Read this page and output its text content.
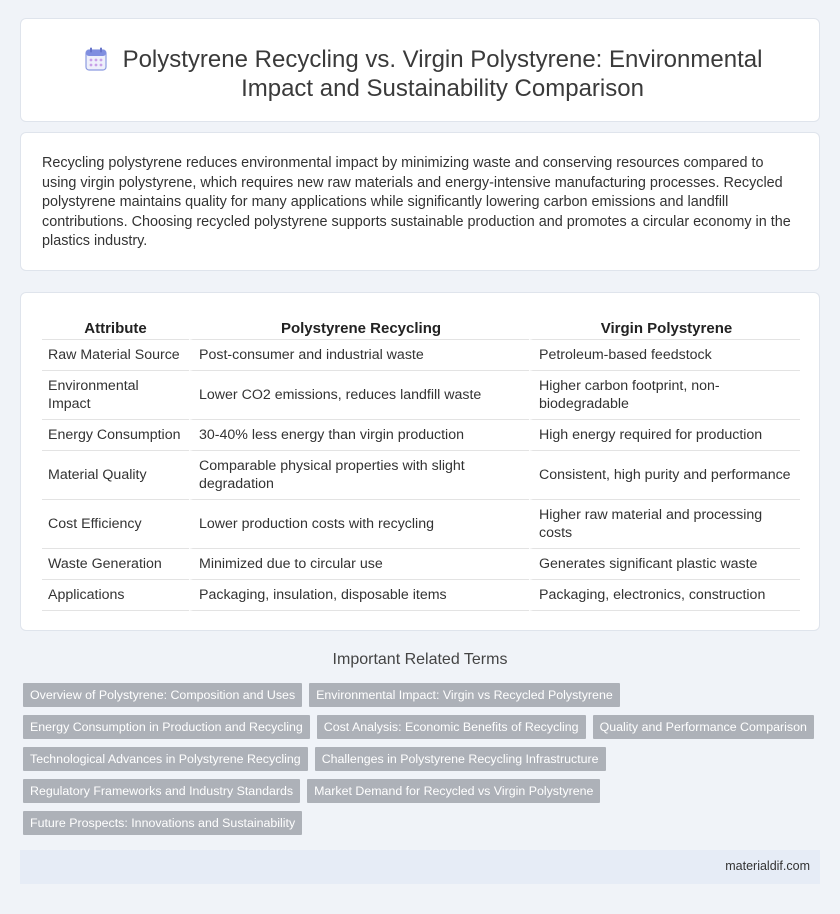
Polystyrene Recycling vs. Virgin Polystyrene: Environmental Impact and Sustainability Comparison

Recycling polystyrene reduces environmental impact by minimizing waste and conserving resources compared to using virgin polystyrene, which requires new raw materials and energy-intensive manufacturing processes. Recycled polystyrene maintains quality for many applications while significantly lowering carbon emissions and landfill contributions. Choosing recycled polystyrene supports sustainable production and promotes a circular economy in the plastics industry.

Attribute	Polystyrene Recycling	Virgin Polystyrene
Raw Material Source	Post-consumer and industrial waste	Petroleum-based feedstock
Environmental Impact	Lower CO2 emissions, reduces landfill waste	Higher carbon footprint, non-biodegradable
Energy Consumption	30-40% less energy than virgin production	High energy required for production
Material Quality	Comparable physical properties with slight degradation	Consistent, high purity and performance
Cost Efficiency	Lower production costs with recycling	Higher raw material and processing costs
Waste Generation	Minimized due to circular use	Generates significant plastic waste
Applications	Packaging, insulation, disposable items	Packaging, electronics, construction
Important Related Terms
Overview of Polystyrene: Composition and Uses	Environmental Impact: Virgin vs Recycled Polystyrene
Energy Consumption in Production and Recycling	Cost Analysis: Economic Benefits of Recycling	Quality and Performance Comparison
Technological Advances in Polystyrene Recycling	Challenges in Polystyrene Recycling Infrastructure
Regulatory Frameworks and Industry Standards	Market Demand for Recycled vs Virgin Polystyrene
Future Prospects: Innovations and Sustainability
materialdif.com
